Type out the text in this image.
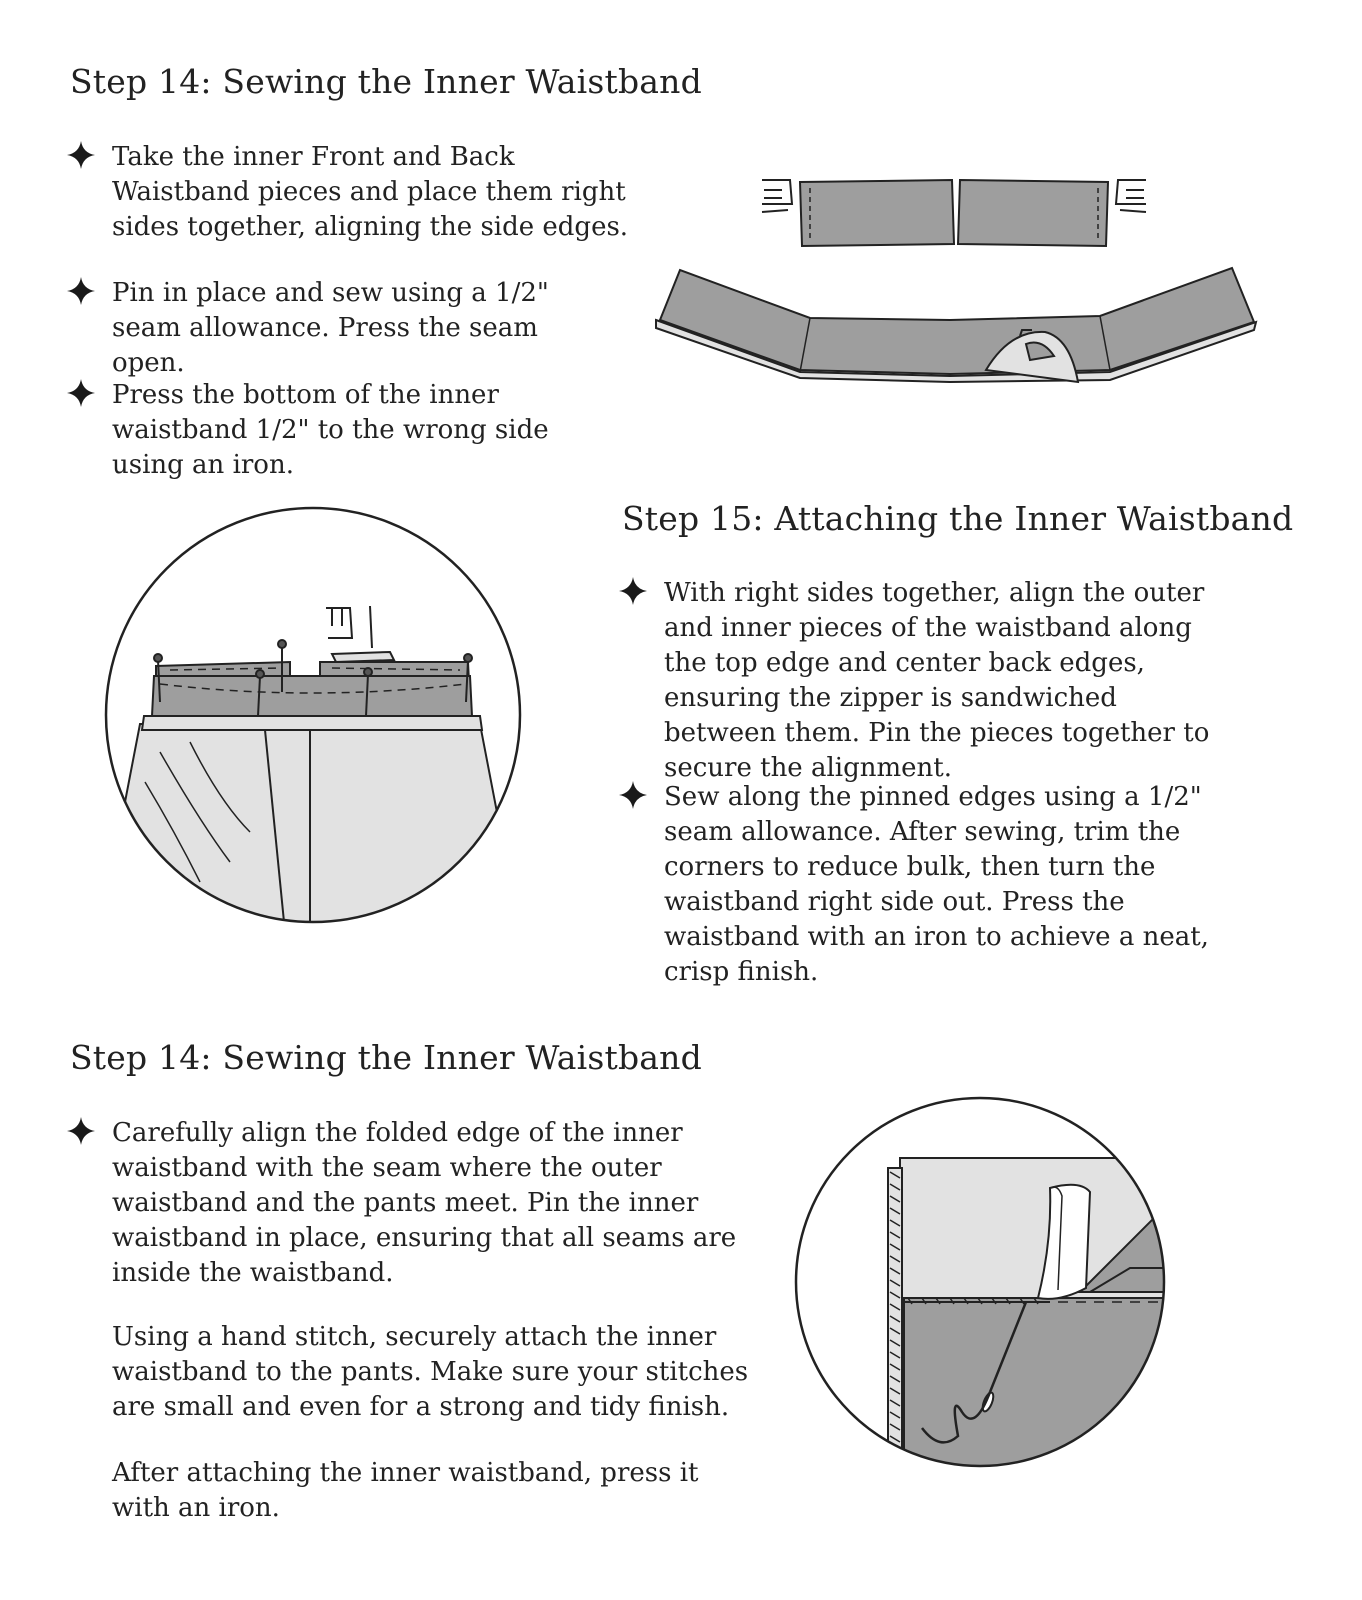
Step 14: Sewing the Inner Waistband
Take the inner Front and Back Waistband pieces and place them right sides together, aligning the side edges.
Pin in place and sew using a 1/2" seam allowance. Press the seam open.
Press the bottom of the inner waistband 1/2" to the wrong side using an iron.
Step 15: Attaching the Inner Waistband
With right sides together, align the outer and inner pieces of the waistband along the top edge and center back edges, ensuring the zipper is sandwiched between them. Pin the pieces together to secure the alignment.
Sew along the pinned edges using a 1/2" seam allowance. After sewing, trim the corners to reduce bulk, then turn the waistband right side out. Press the waistband with an iron to achieve a neat, crisp finish.
Step 14: Sewing the Inner Waistband
Carefully align the folded edge of the inner waistband with the seam where the outer waistband and the pants meet. Pin the inner waistband in place, ensuring that all seams are inside the waistband.
Using a hand stitch, securely attach the inner waistband to the pants. Make sure your stitches are small and even for a strong and tidy finish.
After attaching the inner waistband, press it with an iron.
